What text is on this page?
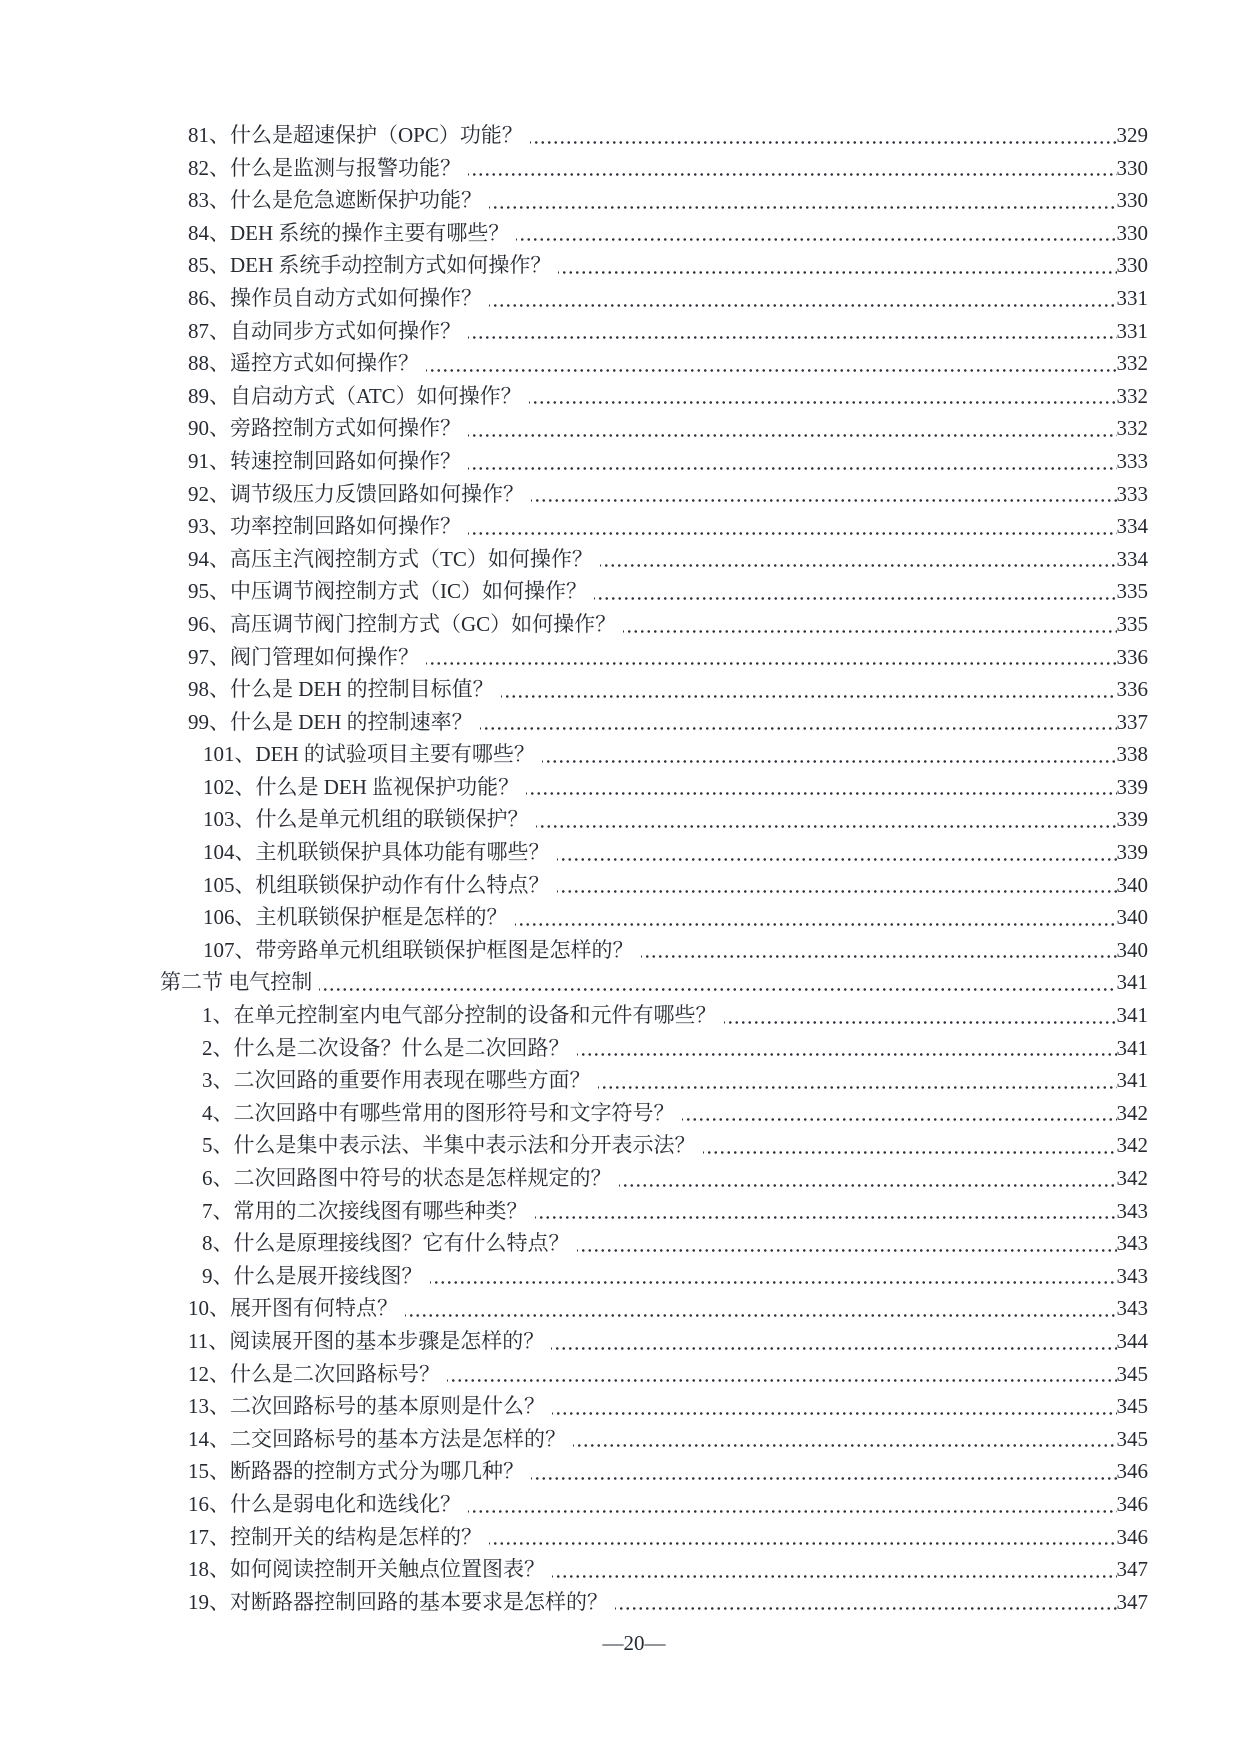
81、什么是超速保护（OPC）功能？	329
82、什么是监测与报警功能？	330
83、什么是危急遮断保护功能？	330
84、DEH 系统的操作主要有哪些？	330
85、DEH 系统手动控制方式如何操作？	330
86、操作员自动方式如何操作？	331
87、自动同步方式如何操作？	331
88、遥控方式如何操作？	332
89、自启动方式（ATC）如何操作？	332
90、旁路控制方式如何操作？	332
91、转速控制回路如何操作？	333
92、调节级压力反馈回路如何操作？	333
93、功率控制回路如何操作？	334
94、高压主汽阀控制方式（TC）如何操作？	334
95、中压调节阀控制方式（IC）如何操作？	335
96、高压调节阀门控制方式（GC）如何操作？	335
97、阀门管理如何操作？	336
98、什么是 DEH 的控制目标值？	336
99、什么是 DEH 的控制速率？	337
101、DEH 的试验项目主要有哪些？	338
102、什么是 DEH 监视保护功能？	339
103、什么是单元机组的联锁保护？	339
104、主机联锁保护具体功能有哪些？	339
105、机组联锁保护动作有什么特点？	340
106、主机联锁保护框是怎样的？	340
107、带旁路单元机组联锁保护框图是怎样的？	340
第二节 电气控制	341
1、在单元控制室内电气部分控制的设备和元件有哪些？	341
2、什么是二次设备？什么是二次回路？	341
3、二次回路的重要作用表现在哪些方面？	341
4、二次回路中有哪些常用的图形符号和文字符号？	342
5、什么是集中表示法、半集中表示法和分开表示法？	342
6、二次回路图中符号的状态是怎样规定的？	342
7、常用的二次接线图有哪些种类？	343
8、什么是原理接线图？它有什么特点？	343
9、什么是展开接线图？	343
10、展开图有何特点？	343
11、阅读展开图的基本步骤是怎样的？	344
12、什么是二次回路标号？	345
13、二次回路标号的基本原则是什么？	345
14、二交回路标号的基本方法是怎样的？	345
15、断路器的控制方式分为哪几种？	346
16、什么是弱电化和选线化？	346
17、控制开关的结构是怎样的？	346
18、如何阅读控制开关触点位置图表？	347
19、对断路器控制回路的基本要求是怎样的？	347
—20—
